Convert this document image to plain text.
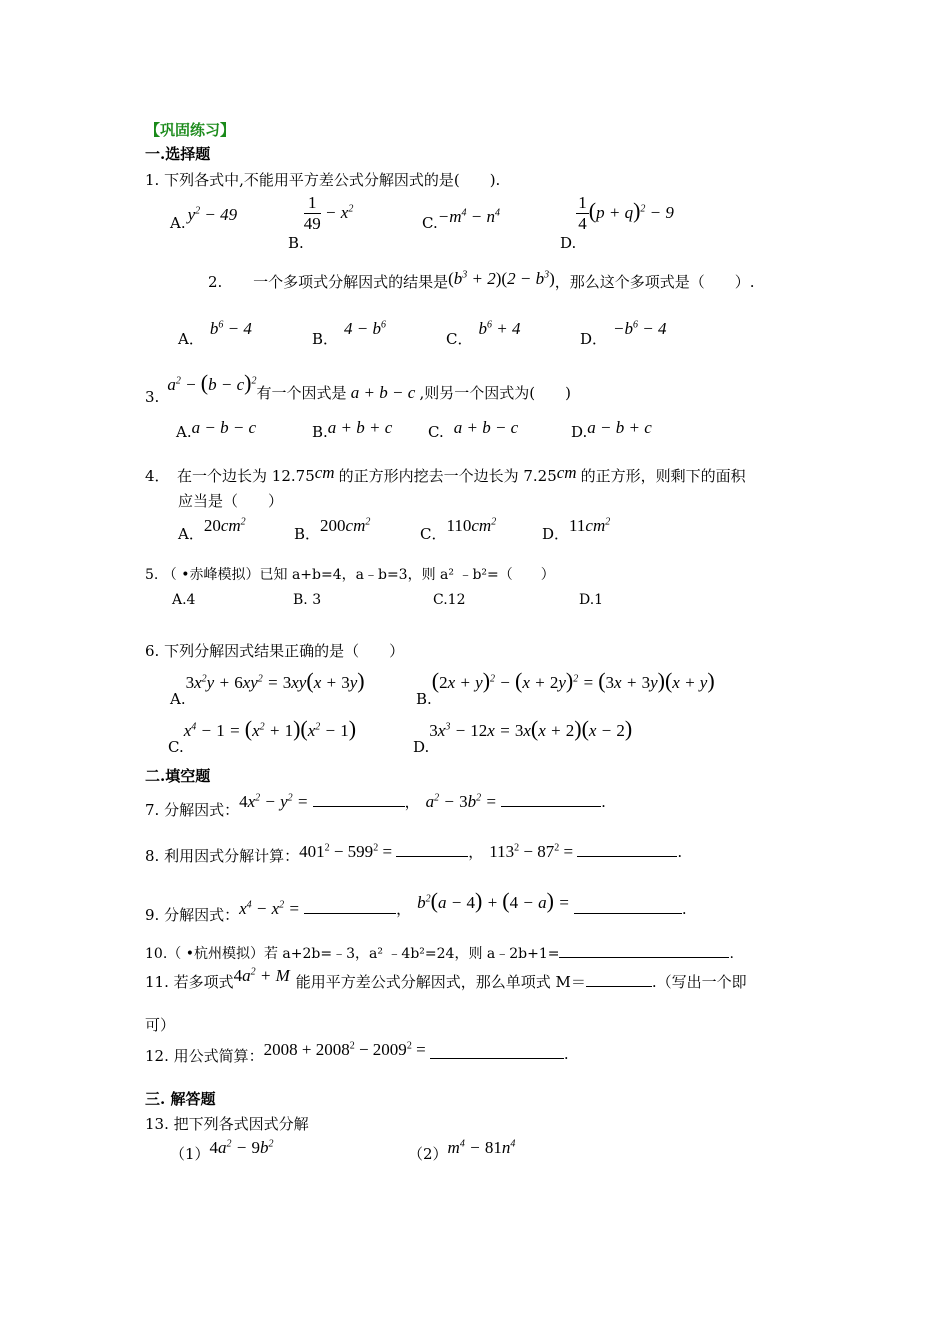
【巩固练习】
一.选择题
1. 下列各式中,不能用平方差公式分解因式的是(　　).
A. $y^2 - 49$
B.
$\frac{1}{49} - x^2$
$C.-m^4 - n^4$
D.
$\frac{1}{4} (p + q)^2 - 9$
2. 一个多项式分解因式的结果是$(b^3 + 2)(2 - b^3)$，那么这个多项式是（　　）.
A．$b^6 - 4$
B．$4 - b^6$
C．$b^6 + 4$
D．$-b^6 - 4$
$3.a^2 - (b - c)^2$有一个因式是 a + b − c ,则另一个因式为(　　)
A.a − b − c	B.a + b + c C. a + b − c	D.a − b + c
4．　在一个边长为 12.75cm 的正方形内挖去一个边长为 7.25cm 的正方形，则剩下的面积
应当是（　　）
A．$20cm^2$
B．$200cm^2$
C．$110cm^2$
D．$11cm^2$
5. （ •赤峰模拟）已知 a+b=4，a﹣b=3，则 a² ﹣b²=（　　）
A.4	B. 3	C.12	D.1
6. 下列分解因式结果正确的是（　　）
$A.3x^2y + 6xy^2 = 3xy(x + 3y)$
$B.(2x + y)^2 - (x + 2y)^2 = (3x + 3y)(x + y)$
$C.x^4 - 1 = (x^2 + 1)(x^2 - 1)$
$D.3x^3 - 12x = 3x(x + 2)(x - 2)$
二.填空题
7. 分解因式：$4x^2 - y^2$ =	， $a^2 - 3b^2$ =	.
8. 利用因式分解计算：$401^2 - 599^2$ =	， $113^2 - 87^2$ =	.
9. 分解因式：$x^4 - x^2$ =	， $b^2(a - 4) + (4 - a)$ =	.
10.（ •杭州模拟）若 a+2b=﹣3，a² ﹣4b²=24，则 a﹣2b+1=	.
11. 若多项式$4a^2 + M$ 能用平方差公式分解因式，那么单项式 M＝	.（写出一个即
可）
12. 用公式简算：$2008 + 2008^2 - 2009^2$ =	.
三. 解答题
13. 把下列各式因式分解
$(1)4a^2 - 9b^2$
$(2)m^4 - 81n^4$
